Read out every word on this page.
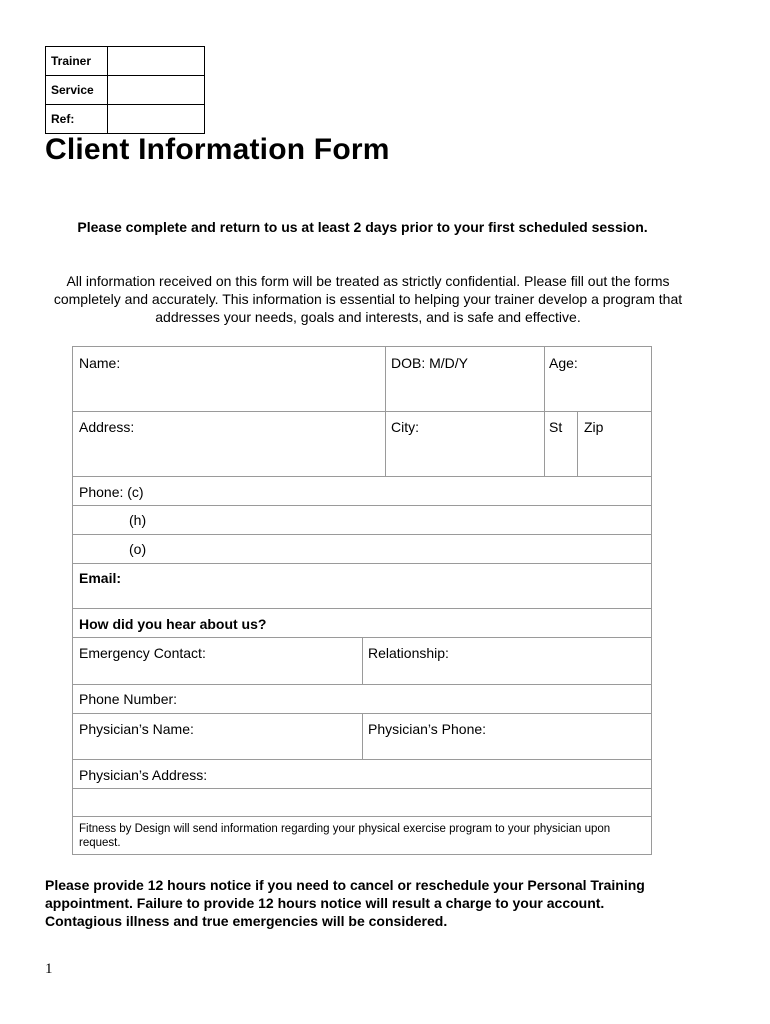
Trainer	
Service	
Ref:	
Client Information Form
Please complete and return to us at least 2 days prior to your first scheduled session.
All information received on this form will be treated as strictly confidential. Please fill out the forms completely and accurately. This information is essential to helping your trainer develop a program that addresses your needs, goals and interests, and is safe and effective.
Name:	DOB: M/D/Y	Age:
Address:	City:	St Zip
Phone: (c)
(h)
(o)
Email:
How did you hear about us?
Emergency Contact:	Relationship:
Phone Number:
Physician’s Name:	Physician’s Phone:
Physician’s Address:
Fitness by Design will send information regarding your physical exercise program to your physician upon request.
Please provide 12 hours notice if you need to cancel or reschedule your Personal Training appointment. Failure to provide 12 hours notice will result a charge to your account. Contagious illness and true emergencies will be considered.
1
